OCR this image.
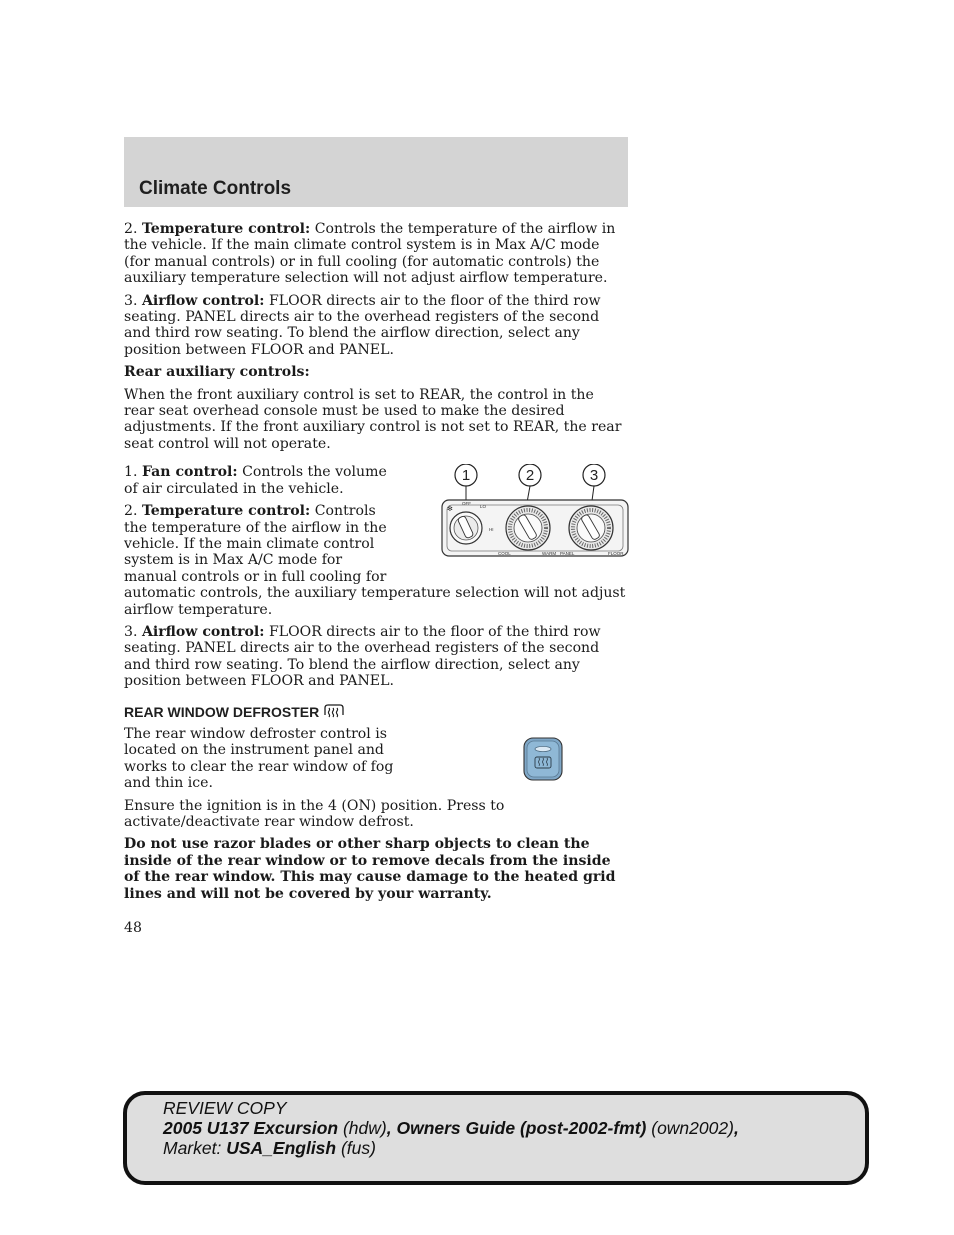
Climate Controls

2. Temperature control: Controls the temperature of the airflow in the vehicle. If the main climate control system is in Max A/C mode (for manual controls) or in full cooling (for automatic controls) the auxiliary temperature selection will not adjust airflow temperature.

3. Airflow control: FLOOR directs air to the floor of the third row seating. PANEL directs air to the overhead registers of the second and third row seating. To blend the airflow direction, select any position between FLOOR and PANEL.

Rear auxiliary controls:

When the front auxiliary control is set to REAR, the control in the rear seat overhead console must be used to make the desired adjustments. If the front auxiliary control is not set to REAR, the rear seat control will not operate.

1	2	3
OFF
LO
HI
✻
COOL	WARM PANEL	FLOOR

1. Fan control: Controls the volume of air circulated in the vehicle.

2. Temperature control: Controls the temperature of the airflow in the vehicle. If the main climate control system is in Max A/C mode for manual controls or in full cooling for automatic controls, the auxiliary temperature selection will not adjust airflow temperature.

3. Airflow control: FLOOR directs air to the floor of the third row seating. PANEL directs air to the overhead registers of the second and third row seating. To blend the airflow direction, select any position between FLOOR and PANEL.

REAR WINDOW DEFROSTER

The rear window defroster control is located on the instrument panel and works to clear the rear window of fog and thin ice.

Ensure the ignition is in the 4 (ON) position. Press to activate/deactivate rear window defrost.

Do not use razor blades or other sharp objects to clean the inside of the rear window or to remove decals from the inside of the rear window. This may cause damage to the heated grid lines and will not be covered by your warranty.

48
REVIEW COPY
2005 U137 Excursion (hdw), Owners Guide (post-2002-fmt) (own2002),
Market: USA_English (fus)
